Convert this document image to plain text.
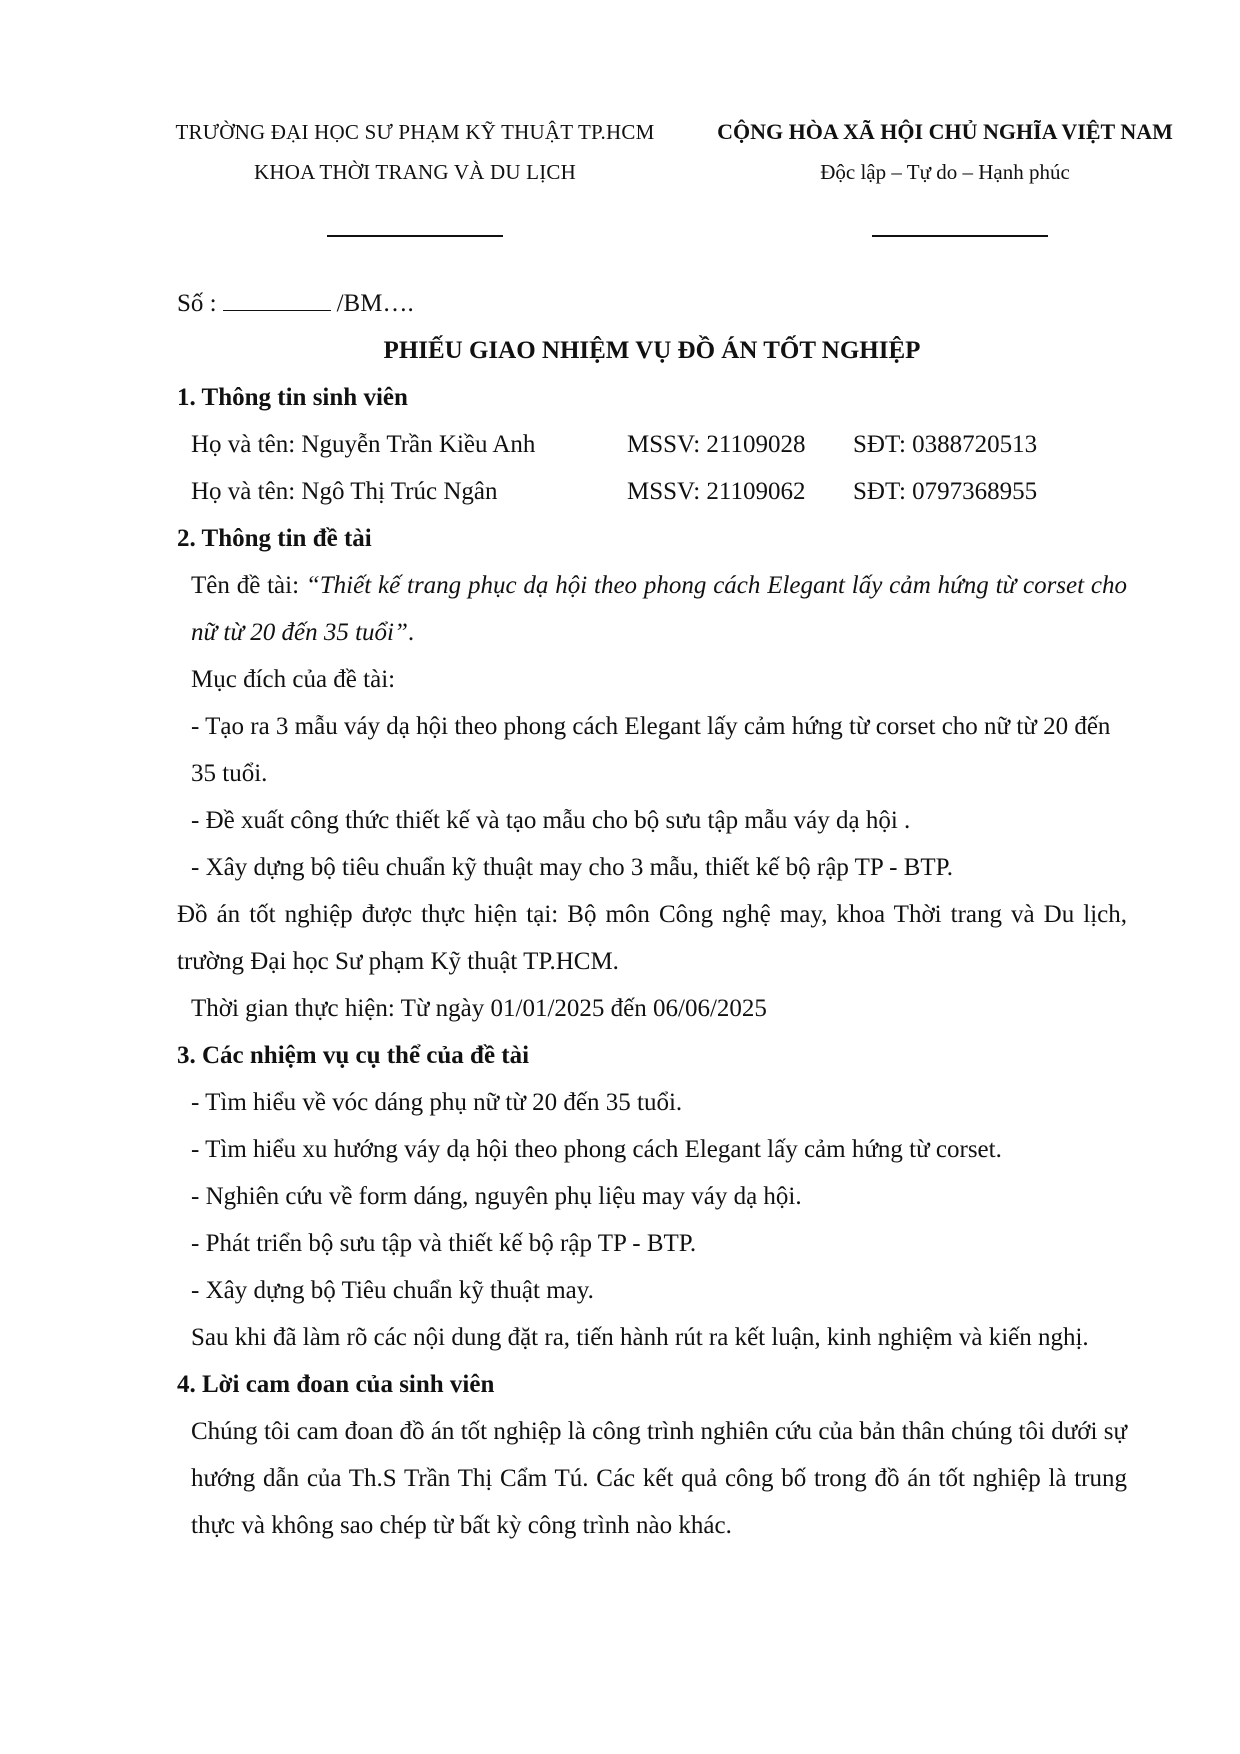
TRƯỜNG ĐẠI HỌC SƯ PHẠM KỸ THUẬT TP.HCM
KHOA THỜI TRANG VÀ DU LỊCH
CỘNG HÒA XÃ HỘI CHỦ NGHĨA VIỆT NAM
Độc lập – Tự do – Hạnh phúc

Số :	/BM….

PHIẾU GIAO NHIỆM VỤ ĐỒ ÁN TỐT NGHIỆP

1. Thông tin sinh viên

Họ và tên: Nguyễn Trần Kiều Anh	MSSV: 21109028	SĐT: 0388720513
Họ và tên: Ngô Thị Trúc Ngân	MSSV: 21109062	SĐT: 0797368955

2. Thông tin đề tài

Tên đề tài: “Thiết kế trang phục dạ hội theo phong cách Elegant lấy cảm hứng từ corset cho nữ từ 20 đến 35 tuổi”.

Mục đích của đề tài:

- Tạo ra 3 mẫu váy dạ hội theo phong cách Elegant lấy cảm hứng từ corset cho nữ từ 20 đến 35 tuổi.

- Đề xuất công thức thiết kế và tạo mẫu cho bộ sưu tập mẫu váy dạ hội .

- Xây dựng bộ tiêu chuẩn kỹ thuật may cho 3 mẫu, thiết kế bộ rập TP - BTP.

Đồ án tốt nghiệp được thực hiện tại: Bộ môn Công nghệ may, khoa Thời trang và Du lịch, trường Đại học Sư phạm Kỹ thuật TP.HCM.

Thời gian thực hiện: Từ ngày 01/01/2025 đến 06/06/2025

3. Các nhiệm vụ cụ thể của đề tài

- Tìm hiểu về vóc dáng phụ nữ từ 20 đến 35 tuổi.

- Tìm hiểu xu hướng váy dạ hội theo phong cách Elegant lấy cảm hứng từ corset.

- Nghiên cứu về form dáng, nguyên phụ liệu may váy dạ hội.

- Phát triển bộ sưu tập và thiết kế bộ rập TP - BTP.

- Xây dựng bộ Tiêu chuẩn kỹ thuật may.

Sau khi đã làm rõ các nội dung đặt ra, tiến hành rút ra kết luận, kinh nghiệm và kiến nghị.

4. Lời cam đoan của sinh viên

Chúng tôi cam đoan đồ án tốt nghiệp là công trình nghiên cứu của bản thân chúng tôi dưới sự hướng dẫn của Th.S Trần Thị Cẩm Tú. Các kết quả công bố trong đồ án tốt nghiệp là trung thực và không sao chép từ bất kỳ công trình nào khác.
